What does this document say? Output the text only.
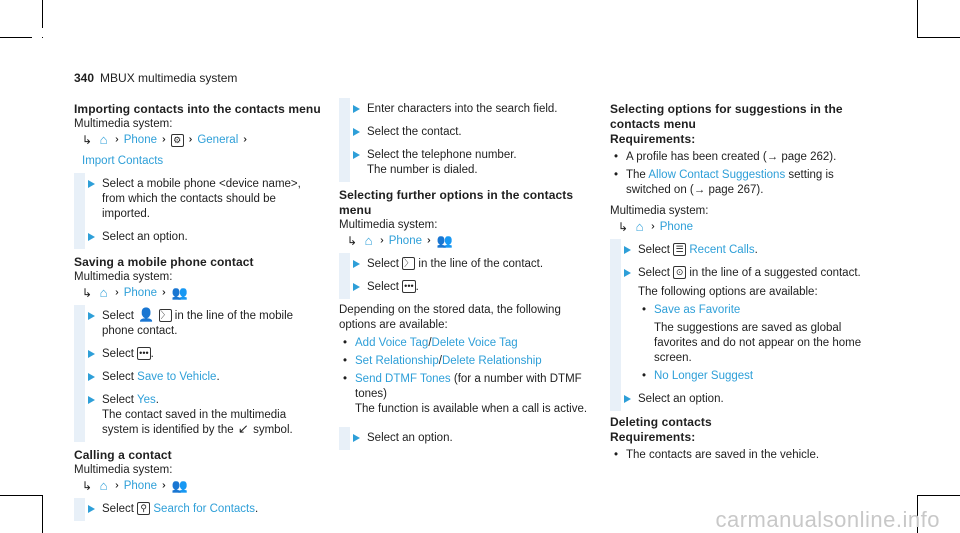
340 MBUX multimedia system
Importing contacts into the contacts menu
Multimedia system:
↳ ⌂ ›› Phone ›› ⚙ ›› General ››
Import Contacts
Select a mobile phone <device name>, from which the contacts should be imported.
Select an option.
Saving a mobile phone contact
Multimedia system:
↳ ⌂ ›› Phone ›› 👥
Select 👤 〉 in the line of the mobile phone contact.
Select ••• .
Select Save to Vehicle.
Select Yes.
The contact saved in the multimedia system is identified by the ↙ symbol.
Calling a contact
Multimedia system:
↳ ⌂ ›› Phone ›› 👥
Select ⚲ Search for Contacts.
Enter characters into the search field.
Select the contact.
Select the telephone number.
The number is dialed.
Selecting further options in the contacts menu
Multimedia system:
↳ ⌂ ›› Phone ›› 👥
Select 〉 in the line of the contact.
Select ••• .
Depending on the stored data, the following options are available:
• Add Voice Tag/Delete Voice Tag
• Set Relationship/Delete Relationship
• Send DTMF Tones (for a number with DTMF tones)
The function is available when a call is active.
Select an option.
Selecting options for suggestions in the contacts menu
Requirements:
• A profile has been created (→ page 262).
• The Allow Contact Suggestions setting is switched on (→ page 267).
Multimedia system:
↳ ⌂ ›› Phone
Select ☰ Recent Calls.
Select ⊙ in the line of a suggested contact.
The following options are available:
• Save as Favorite
The suggestions are saved as global favorites and do not appear on the home screen.
• No Longer Suggest
Select an option.
Deleting contacts
Requirements:
• The contacts are saved in the vehicle.
carmanualsonline.info
